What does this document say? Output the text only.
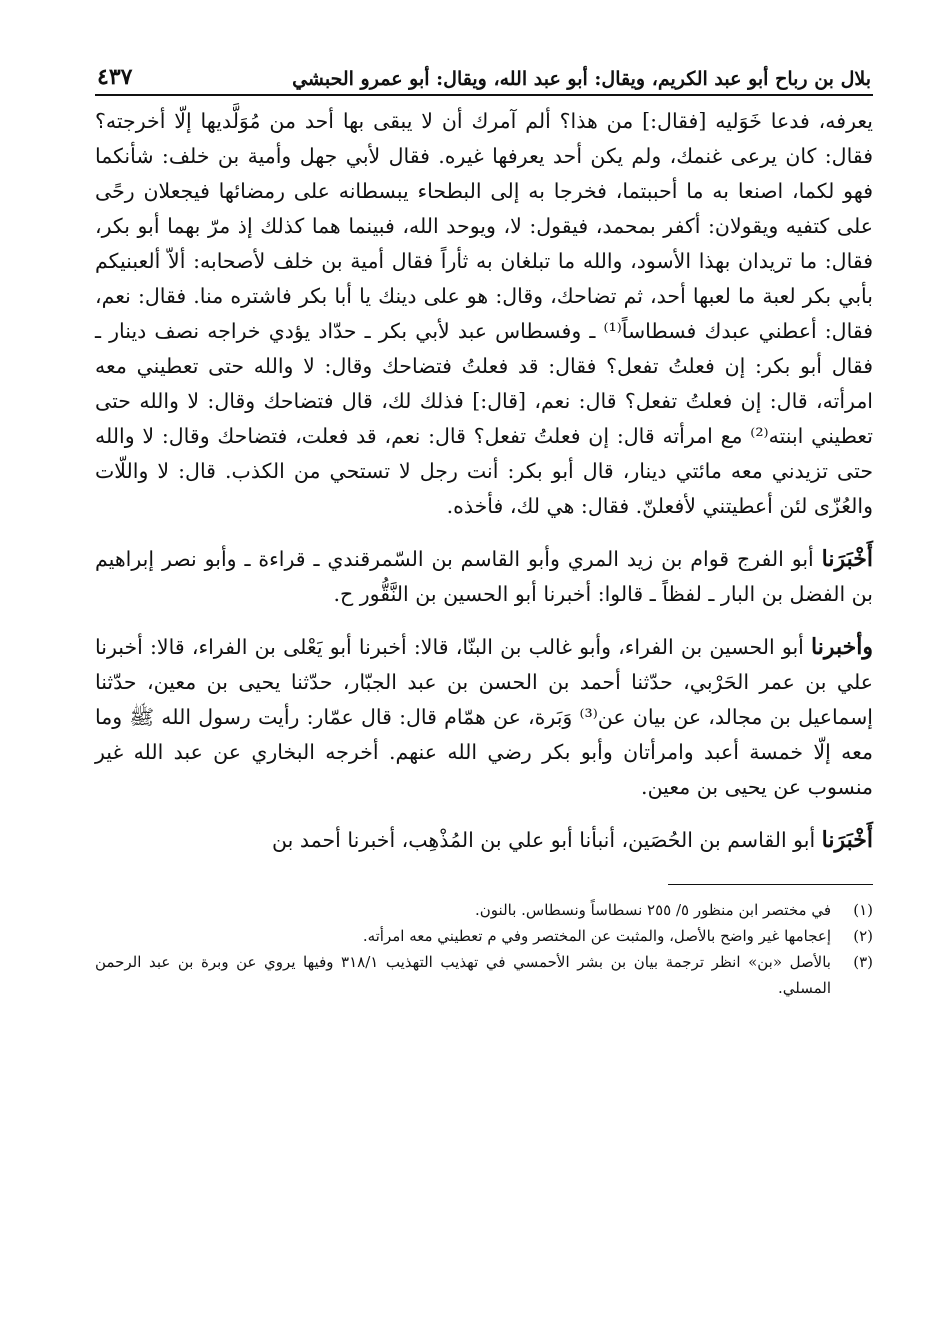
بلال بن رباح أبو عبد الكريم، ويقال: أبو عبد الله، ويقال: أبو عمرو الحبشي
٤٣٧

يعرفه، فدعا خَوَليه [فقال:] من هذا؟ ألم آمرك أن لا يبقى بها أحد من مُوَلَّديها إلّا أخرجته؟ فقال: كان يرعى غنمك، ولم يكن أحد يعرفها غيره. فقال لأبي جهل وأمية بن خلف: شأنكما فهو لكما، اصنعا به ما أحببتما، فخرجا به إلى البطحاء يبسطانه على رمضائها فيجعلان رحًى على كتفيه ويقولان: أكفر بمحمد، فيقول: لا، ويوحد الله، فبينما هما كذلك إذ مرّ بهما أبو بكر، فقال: ما تريدان بهذا الأسود، والله ما تبلغان به ثأراً فقال أمية بن خلف لأصحابه: ألاّ ألعبنيكم بأبي بكر لعبة ما لعبها أحد، ثم تضاحك، وقال: هو على دينك يا أبا بكر فاشتره منا. فقال: نعم، فقال: أعطني عبدك فسطاساً⁽¹⁾ ـ وفسطاس عبد لأبي بكر ـ حدّاد يؤدي خراجه نصف دينار ـ فقال أبو بكر: إن فعلتُ تفعل؟ فقال: قد فعلتُ فتضاحك وقال: لا والله حتى تعطيني معه امرأته، قال: إن فعلتُ تفعل؟ قال: نعم، [قال:] فذلك لك، قال فتضاحك وقال: لا والله حتى تعطيني ابنته⁽²⁾ مع امرأته قال: إن فعلتُ تفعل؟ قال: نعم، قد فعلت، فتضاحك وقال: لا والله حتى تزيدني معه مائتي دينار، قال أبو بكر: أنت رجل لا تستحي من الكذب. قال: لا واللّات والعُزّى لئن أعطيتني لأفعلنّ. فقال: هي لك، فأخذه.

أَخْبَرَنا أبو الفرج قوام بن زيد المري وأبو القاسم بن السّمرقندي ـ قراءة ـ وأبو نصر إبراهيم بن الفضل بن البار ـ لفظاً ـ قالوا: أخبرنا أبو الحسين بن النَّقُّور ح.

وأخبرنا أبو الحسين بن الفراء، وأبو غالب بن البنّا، قالا: أخبرنا أبو يَعْلى بن الفراء، قالا: أخبرنا علي بن عمر الحَرْبي، حدّثنا أحمد بن الحسن بن عبد الجبّار، حدّثنا يحيى بن معين، حدّثنا إسماعيل بن مجالد، عن بيان عن⁽³⁾ وَبَرة، عن همّام قال: قال عمّار: رأيت رسول الله ﷺ وما معه إلّا خمسة أعبد وامرأتان وأبو بكر رضي الله عنهم. أخرجه البخاري عن عبد الله غير منسوب عن يحيى بن معين.

أَخْبَرَنا أبو القاسم بن الحُصَين، أنبأنا أبو علي بن المُذْهِب، أخبرنا أحمد بن

(١)
في مختصر ابن منظور ٥/ ٢٥٥ نسطاساً ونسطاس. بالنون.
(٢)
إعجامها غير واضح بالأصل، والمثبت عن المختصر وفي م تعطيني معه امرأته.
(٣)
بالأصل «بن» انظر ترجمة بيان بن بشر الأحمسي في تهذيب التهذيب ٣١٨/١ وفيها يروي عن وبرة بن عبد الرحمن المسلي.
